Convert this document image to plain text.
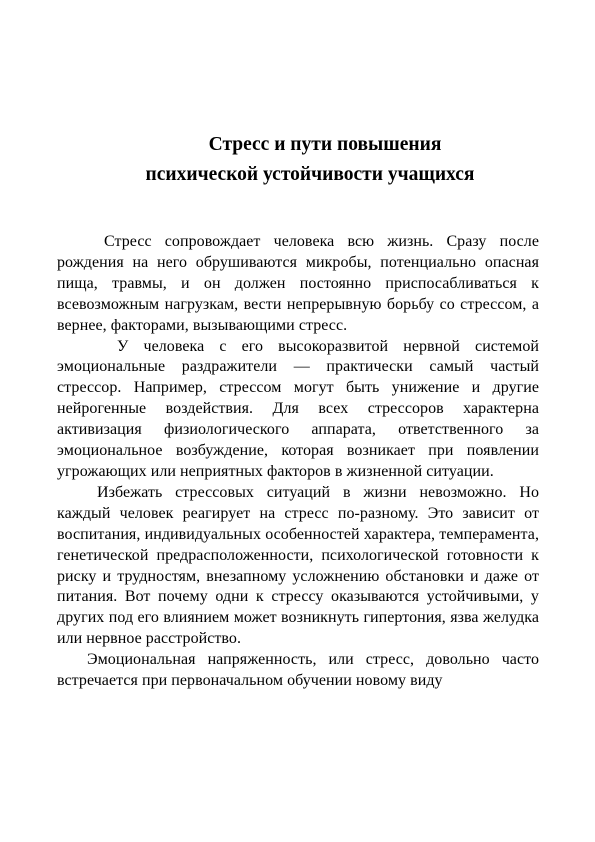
Стресс и пути повышения
психической устойчивости учащихся

Стресс сопровождает человека всю жизнь. Сразу после рождения на него обрушиваются микробы, потенциально опасная пища, травмы, и он должен постоянно приспосабливаться к всевозможным нагрузкам, вести непрерывную борьбу со стрессом, а вернее, факторами, вызывающими стресс.

У человека с его высокоразвитой нервной системой эмоциональные раздражители — практически самый частый стрессор. Например, стрессом могут быть унижение и другие нейрогенные воздействия. Для всех стрессоров характерна активизация физиологического аппарата, ответственного за эмоциональное возбуждение, которая возникает при появлении угрожающих или неприятных факторов в жизненной ситуации.

Избежать стрессовых ситуаций в жизни невозможно. Но каждый человек реагирует на стресс по-разному. Это зависит от воспитания, индивидуальных особенностей характера, темперамента, генетической предрасположенности, психологической готовности к риску и трудностям, внезапному усложнению обстановки и даже от питания. Вот почему одни к стрессу оказываются устойчивыми, у других под его влиянием может возникнуть гипертония, язва желудка или нервное расстройство.

Эмоциональная напряженность, или стресс, довольно часто встречается при первоначальном обучении новому виду
